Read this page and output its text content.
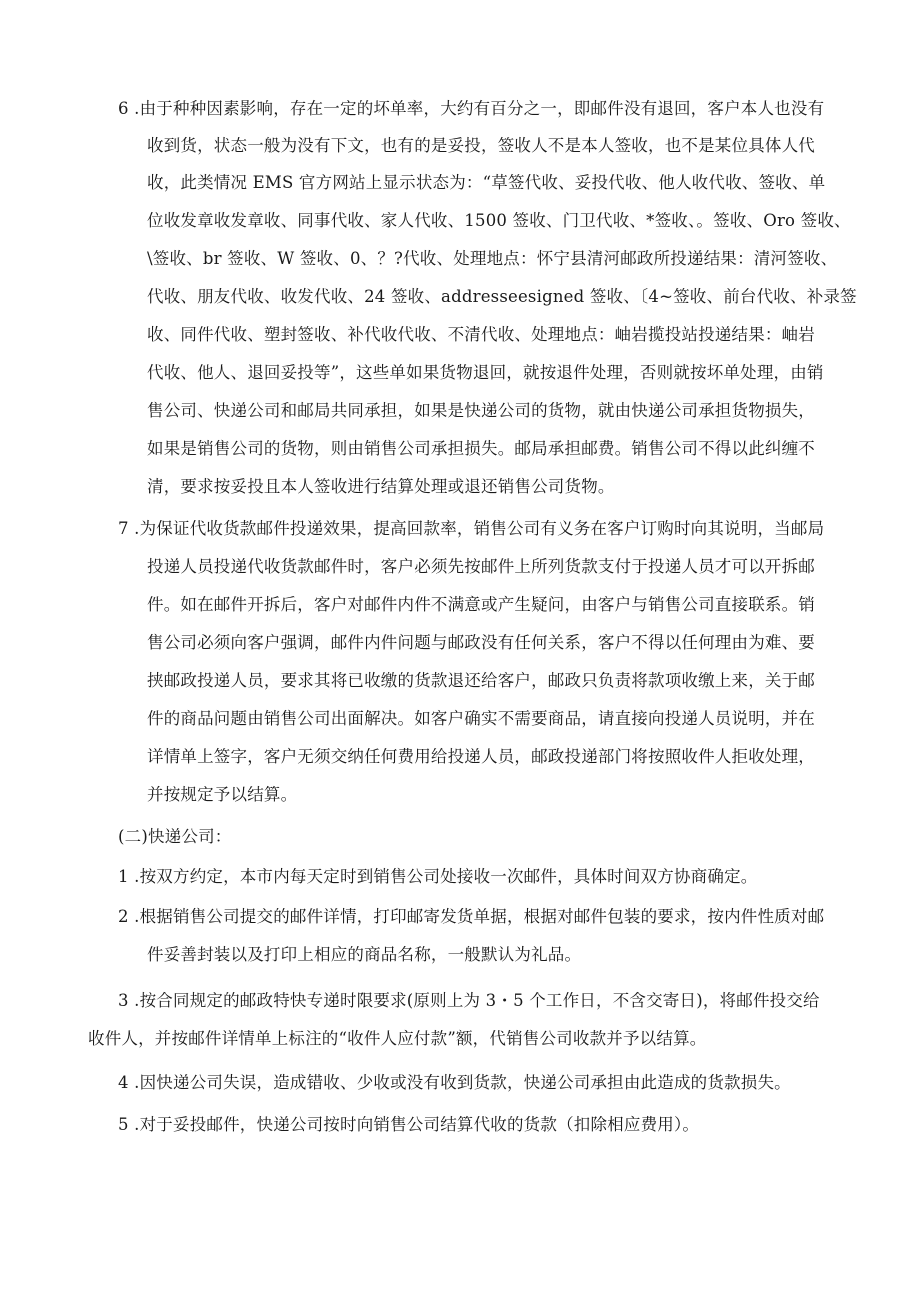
6 .由于种种因素影响，存在一定的坏单率，大约有百分之一，即邮件没有退回，客户本人也没有
收到货，状态一般为没有下文，也有的是妥投，签收人不是本人签收，也不是某位具体人代
收，此类情况 EMS 官方网站上显示状态为：“草签代收、妥投代收、他人收代收、签收、单
位收发章收发章收、同事代收、家人代收、1500 签收、门卫代收、*签收、。签收、Oro 签收、
\签收、br 签收、W 签收、0、？?代收、处理地点：怀宁县清河邮政所投递结果：清河签收、
代收、朋友代收、收发代收、24 签收、addresseesigned 签收、〔4~签收、前台代收、补录签
收、同件代收、塑封签收、补代收代收、不清代收、处理地点：岫岩揽投站投递结果：岫岩
代收、他人、退回妥投等”，这些单如果货物退回，就按退件处理，否则就按坏单处理，由销
售公司、快递公司和邮局共同承担，如果是快递公司的货物，就由快递公司承担货物损失，
如果是销售公司的货物，则由销售公司承担损失。邮局承担邮费。销售公司不得以此纠缠不
清，要求按妥投且本人签收进行结算处理或退还销售公司货物。
7 .为保证代收货款邮件投递效果，提高回款率，销售公司有义务在客户订购时向其说明，当邮局
投递人员投递代收货款邮件时，客户必须先按邮件上所列货款支付于投递人员才可以开拆邮
件。如在邮件开拆后，客户对邮件内件不满意或产生疑问，由客户与销售公司直接联系。销
售公司必须向客户强调，邮件内件问题与邮政没有任何关系，客户不得以任何理由为难、要
挟邮政投递人员，要求其将已收缴的货款退还给客户，邮政只负责将款项收缴上来，关于邮
件的商品问题由销售公司出面解决。如客户确实不需要商品，请直接向投递人员说明，并在
详情单上签字，客户无须交纳任何费用给投递人员，邮政投递部门将按照收件人拒收处理，
并按规定予以结算。
(二)快递公司：
1 .按双方约定，本市内每天定时到销售公司处接收一次邮件，具体时间双方协商确定。
2 .根据销售公司提交的邮件详情，打印邮寄发货单据，根据对邮件包装的要求，按内件性质对邮
件妥善封装以及打印上相应的商品名称，一般默认为礼品。
3 .按合同规定的邮政特快专递时限要求(原则上为 3・5 个工作日，不含交寄日)，将邮件投交给
收件人，并按邮件详情单上标注的“收件人应付款”额，代销售公司收款并予以结算。
4 .因快递公司失误，造成错收、少收或没有收到货款，快递公司承担由此造成的货款损失。
5 .对于妥投邮件，快递公司按时向销售公司结算代收的货款（扣除相应费用）。
